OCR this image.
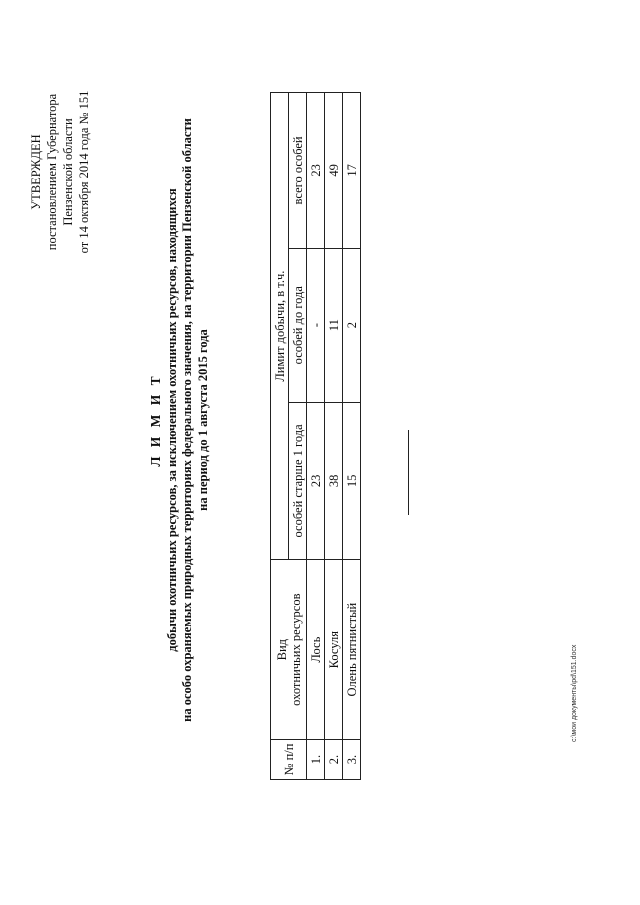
УТВЕРЖДЕН постановлением Губернатора Пензенской области от 14 октября 2014 года № 151
Л И М И Т добычи охотничьих ресурсов, за исключением охотничьих ресурсов, находящихся на особо охраняемых природных территориях федерального значения, на территории Пензенской области на период до 1 августа 2015 года
№ п/п	Вид охотничьих ресурсов	Лимит добычи, в т.ч.		
		особей старше 1 года	особей до года	всего особей
1.	Лось	23	-	23
2.	Косуля	38	11	49
3.	Олень пятнистый	15	2	17
c:\мои документы\pd\151.docx
